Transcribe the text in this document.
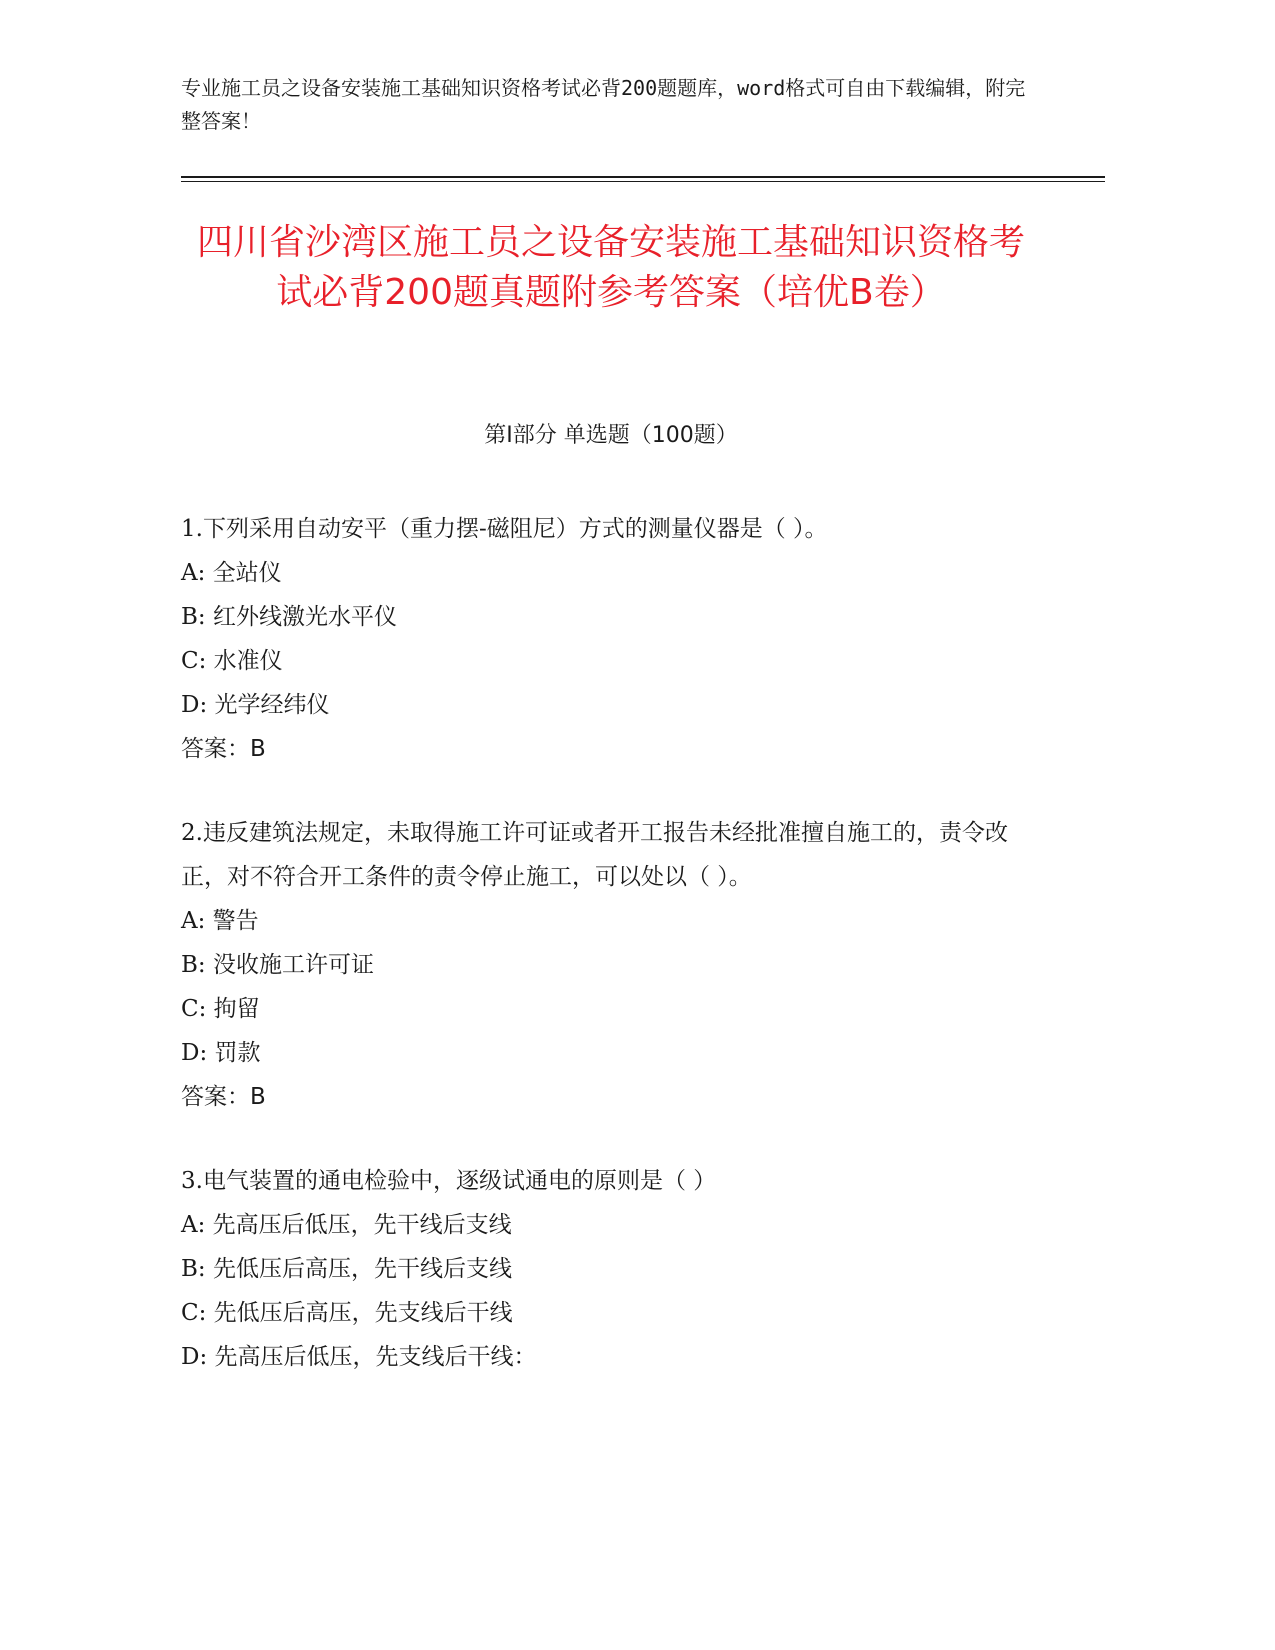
专业施工员之设备安装施工基础知识资格考试必背200题题库，word格式可自由下载编辑，附完整答案！
四川省沙湾区施工员之设备安装施工基础知识资格考试必背200题真题附参考答案（培优B卷）
第Ⅰ部分 单选题（100题）
1.下列采用自动安平（重力摆-磁阻尼）方式的测量仪器是（ ）。
A: 全站仪
B: 红外线激光水平仪
C: 水准仪
D: 光学经纬仪
答案：B
2.违反建筑法规定，未取得施工许可证或者开工报告未经批准擅自施工的，责令改正，对不符合开工条件的责令停止施工，可以处以（ ）。
A: 警告
B: 没收施工许可证
C: 拘留
D: 罚款
答案：B
3.电气装置的通电检验中，逐级试通电的原则是（ ）
A: 先高压后低压，先干线后支线
B: 先低压后高压，先干线后支线
C: 先低压后高压，先支线后干线
D: 先高压后低压，先支线后干线：
